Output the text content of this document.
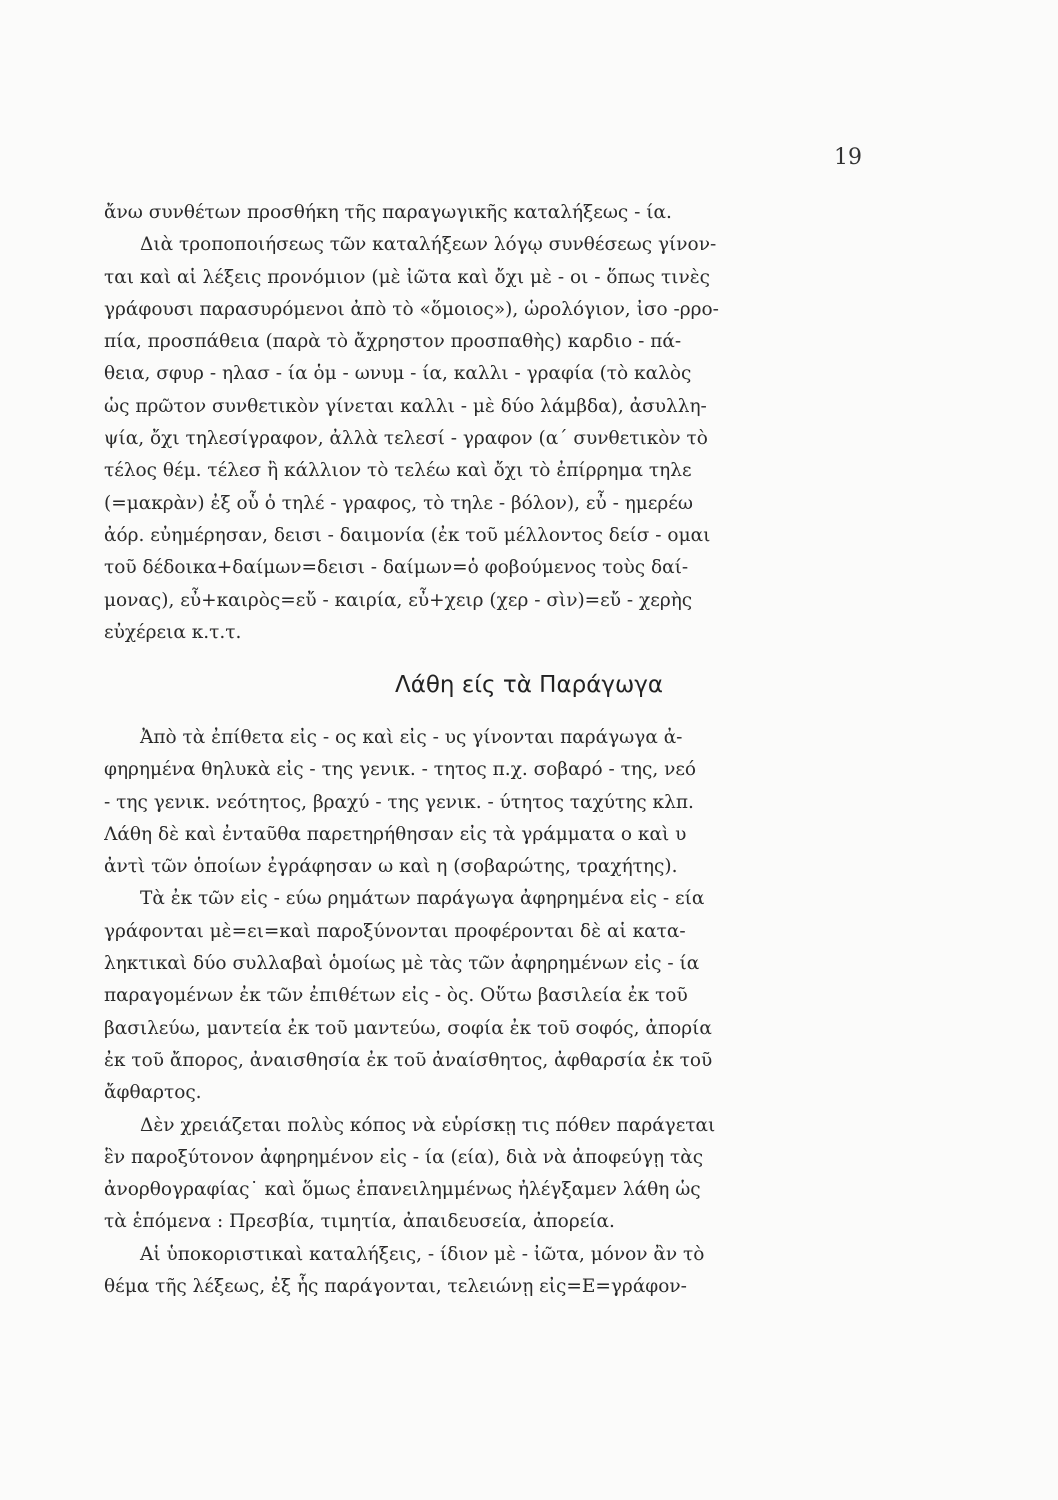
19
ἄνω συνθέτων προσθήκη τῆς παραγωγικῆς καταλήξεως - ία.
Διὰ τροποποιήσεως τῶν καταλήξεων λόγῳ συνθέσεως γίνον-
ται καὶ αἱ λέξεις προνόμιον (μὲ ἰῶτα καὶ ὄχι μὲ - οι - ὅπως τινὲς
γράφουσι παρασυρόμενοι ἀπὸ τὸ «ὅμοιος»), ὡρολόγιον, ἰσο -ρρο-
πία, προσπάθεια (παρὰ τὸ ἄχρηστον προσπαθὴς) καρδιο - πά-
θεια, σφυρ - ηλασ - ία ὁμ - ωνυμ - ία, καλλι - γραφία (τὸ καλὸς
ὡς πρῶτον συνθετικὸν γίνεται καλλι - μὲ δύο λάμβδα), ἀσυλλη-
ψία, ὄχι τηλεσίγραφον, ἀλλὰ τελεσί - γραφον (α΄ συνθετικὸν τὸ
τέλος θέμ. τέλεσ ἢ κάλλιον τὸ τελέω καὶ ὄχι τὸ ἐπίρρημα τηλε
(=μακρὰν) ἐξ οὗ ὁ τηλέ - γραφος, τὸ τηλε - βόλον), εὖ - ημερέω
ἀόρ. εὐημέρησαν, δεισι - δαιμονία (ἐκ τοῦ μέλλοντος δείσ - ομαι
τοῦ δέδοικα+δαίμων=δεισι - δαίμων=ὁ φοβούμενος τοὺς δαί-
μονας), εὖ+καιρὸς=εὔ - καιρία, εὖ+χειρ (χερ - σὶν)=εὔ - χερὴς
εὐχέρεια κ.τ.τ.
Λάθη είς τὰ Παράγωγα
Ἀπὸ τὰ ἐπίθετα εἰς - ος καὶ εἰς - υς γίνονται παράγωγα ἀ-
φηρημένα θηλυκὰ εἰς - της γενικ. - τητος π.χ. σοβαρό - της, νεό
- της γενικ. νεότητος, βραχύ - της γενικ. - ύτητος ταχύτης κλπ.
Λάθη δὲ καὶ ἐνταῦθα παρετηρήθησαν εἰς τὰ γράμματα ο καὶ υ
ἀντὶ τῶν ὁποίων ἐγράφησαν ω καὶ η (σοβαρώτης, τραχήτης).
Τὰ ἐκ τῶν εἰς - εύω ρημάτων παράγωγα ἀφηρημένα εἰς - εία
γράφονται μὲ=ει=καὶ παροξύνονται προφέρονται δὲ αἱ κατα-
ληκτικαὶ δύο συλλαβαὶ ὁμοίως μὲ τὰς τῶν ἀφηρημένων εἰς - ία
παραγομένων ἐκ τῶν ἐπιθέτων εἰς - ὸς. Οὕτω βασιλεία ἐκ τοῦ
βασιλεύω, μαντεία ἐκ τοῦ μαντεύω, σοφία ἐκ τοῦ σοφός, ἀπορία
ἐκ τοῦ ἄπορος, ἀναισθησία ἐκ τοῦ ἀναίσθητος, ἀφθαρσία ἐκ τοῦ
ἄφθαρτος.
Δὲν χρειάζεται πολὺς κόπος νὰ εὑρίσκῃ τις πόθεν παράγεται
ἓν παροξύτονον ἀφηρημένον εἰς - ία (εία), διὰ νὰ ἀποφεύγῃ τὰς
ἀνορθογραφίας˙ καὶ ὅμως ἐπανειλημμένως ἠλέγξαμεν λάθη ὡς
τὰ ἑπόμενα : Πρεσβία, τιμητία, ἀπαιδευσεία, ἀπορεία.
Αἱ ὑποκοριστικαὶ καταλήξεις, - ίδιον μὲ - ἰῶτα, μόνον ἂν τὸ
θέμα τῆς λέξεως, ἐξ ἧς παράγονται, τελειώνῃ εἰς=Ε=γράφον-
